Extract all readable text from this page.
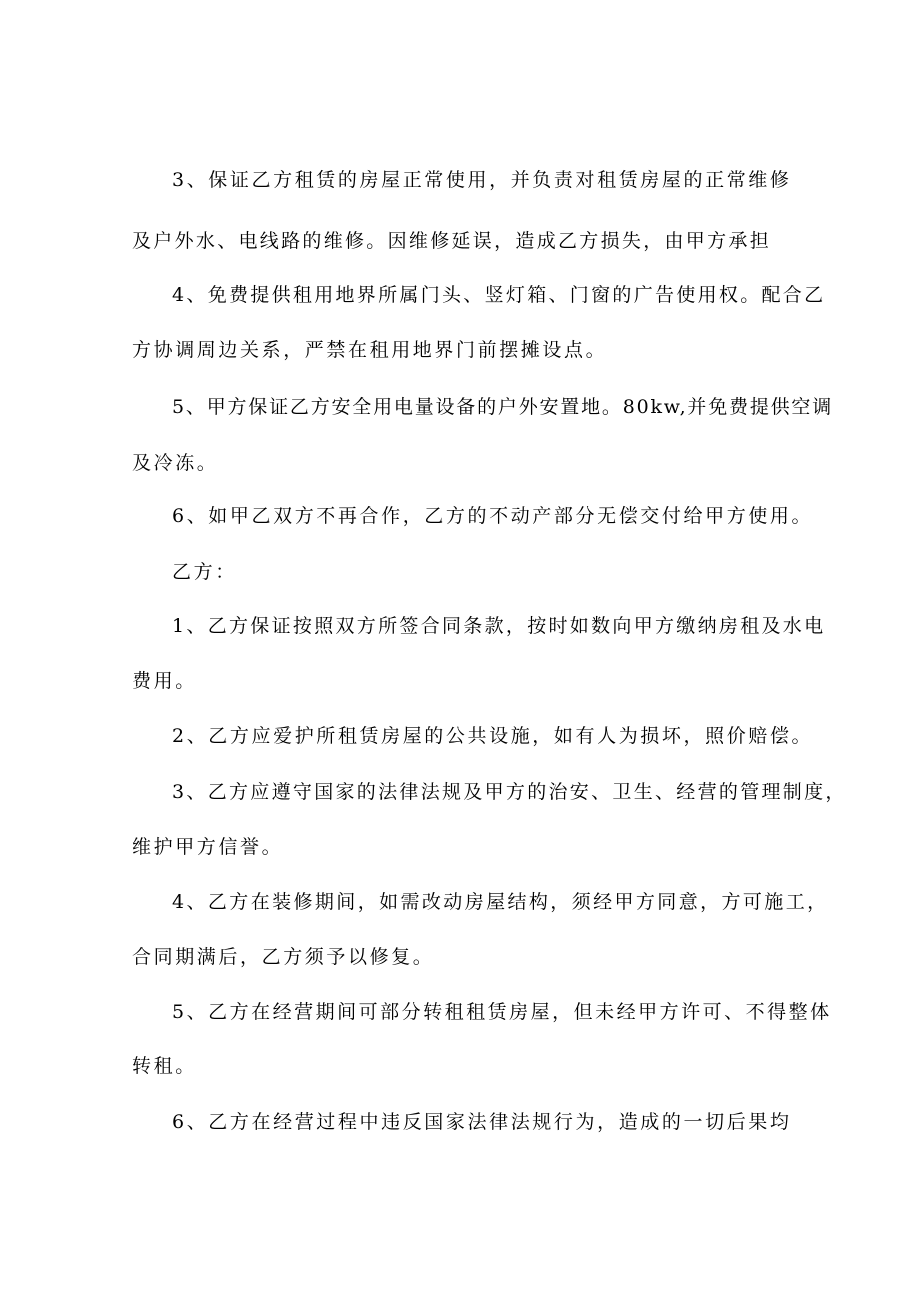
3、保证乙方租赁的房屋正常使用，并负责对租赁房屋的正常维修

及户外水、电线路的维修。因维修延误，造成乙方损失，由甲方承担

4、免费提供租用地界所属门头、竖灯箱、门窗的广告使用权。配合乙

方协调周边关系，严禁在租用地界门前摆摊设点。

5、甲方保证乙方安全用电量设备的户外安置地。80kw,并免费提供空调

及冷冻。

6、如甲乙双方不再合作，乙方的不动产部分无偿交付给甲方使用。

乙方：

1、乙方保证按照双方所签合同条款，按时如数向甲方缴纳房租及水电

费用。

2、乙方应爱护所租赁房屋的公共设施，如有人为损坏，照价赔偿。

3、乙方应遵守国家的法律法规及甲方的治安、卫生、经营的管理制度，

维护甲方信誉。

4、乙方在装修期间，如需改动房屋结构，须经甲方同意，方可施工，

合同期满后，乙方须予以修复。

5、乙方在经营期间可部分转租租赁房屋，但未经甲方许可、不得整体

转租。

6、乙方在经营过程中违反国家法律法规行为，造成的一切后果均
